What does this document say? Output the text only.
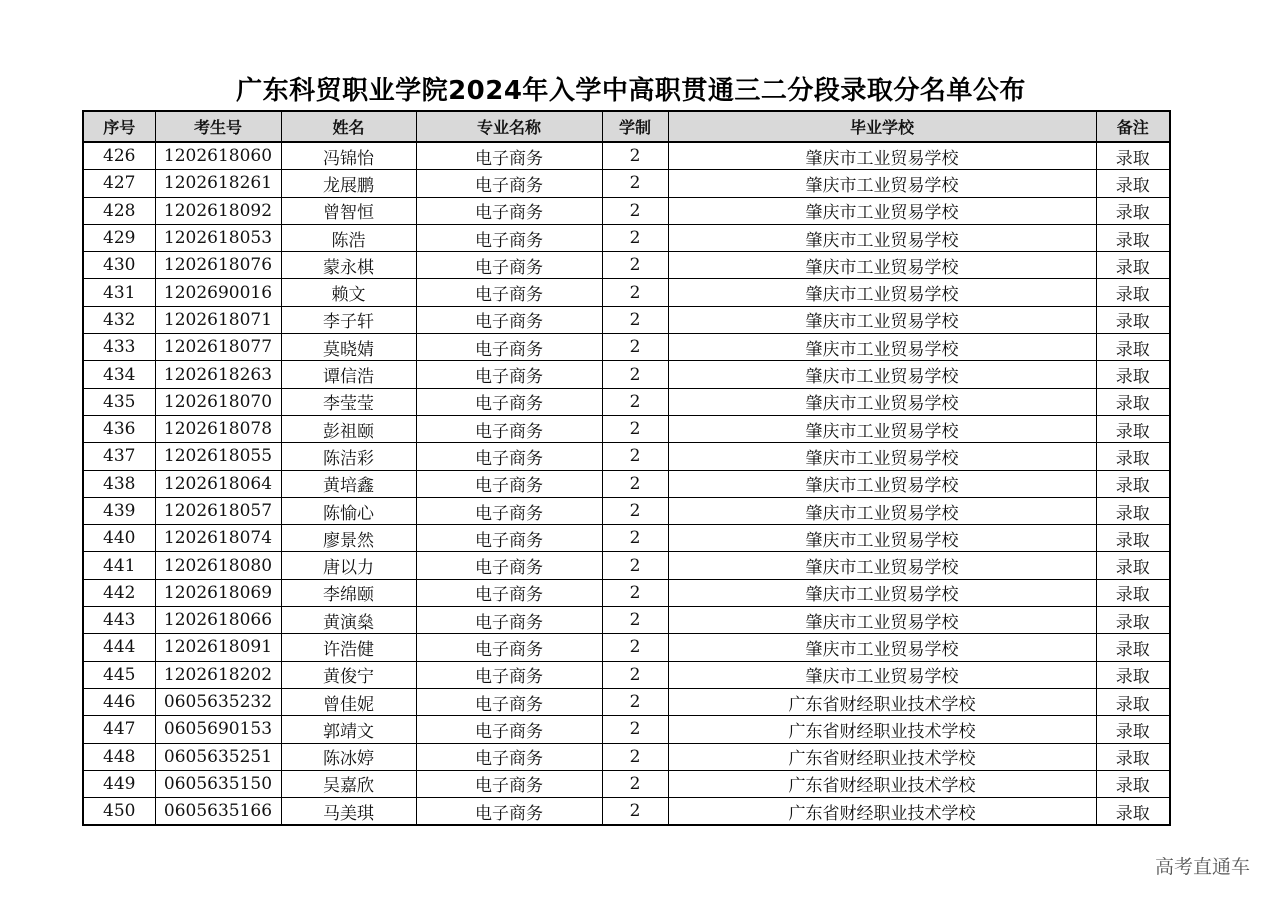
广东科贸职业学院2024年入学中高职贯通三二分段录取分名单公布
序号	考生号	姓名	专业名称	学制	毕业学校	备注
426	1202618060	冯锦怡	电子商务	2	肇庆市工业贸易学校	录取
427	1202618261	龙展鹏	电子商务	2	肇庆市工业贸易学校	录取
428	1202618092	曾智恒	电子商务	2	肇庆市工业贸易学校	录取
429	1202618053	陈浩	电子商务	2	肇庆市工业贸易学校	录取
430	1202618076	蒙永棋	电子商务	2	肇庆市工业贸易学校	录取
431	1202690016	赖文	电子商务	2	肇庆市工业贸易学校	录取
432	1202618071	李子轩	电子商务	2	肇庆市工业贸易学校	录取
433	1202618077	莫晓婧	电子商务	2	肇庆市工业贸易学校	录取
434	1202618263	谭信浩	电子商务	2	肇庆市工业贸易学校	录取
435	1202618070	李莹莹	电子商务	2	肇庆市工业贸易学校	录取
436	1202618078	彭祖颐	电子商务	2	肇庆市工业贸易学校	录取
437	1202618055	陈洁彩	电子商务	2	肇庆市工业贸易学校	录取
438	1202618064	黄培鑫	电子商务	2	肇庆市工业贸易学校	录取
439	1202618057	陈愉心	电子商务	2	肇庆市工业贸易学校	录取
440	1202618074	廖景然	电子商务	2	肇庆市工业贸易学校	录取
441	1202618080	唐以力	电子商务	2	肇庆市工业贸易学校	录取
442	1202618069	李绵颐	电子商务	2	肇庆市工业贸易学校	录取
443	1202618066	黄演燊	电子商务	2	肇庆市工业贸易学校	录取
444	1202618091	许浩健	电子商务	2	肇庆市工业贸易学校	录取
445	1202618202	黄俊宁	电子商务	2	肇庆市工业贸易学校	录取
446	0605635232	曾佳妮	电子商务	2	广东省财经职业技术学校	录取
447	0605690153	郭靖文	电子商务	2	广东省财经职业技术学校	录取
448	0605635251	陈冰婷	电子商务	2	广东省财经职业技术学校	录取
449	0605635150	吴嘉欣	电子商务	2	广东省财经职业技术学校	录取
450	0605635166	马美琪	电子商务	2	广东省财经职业技术学校	录取
高考直通车
